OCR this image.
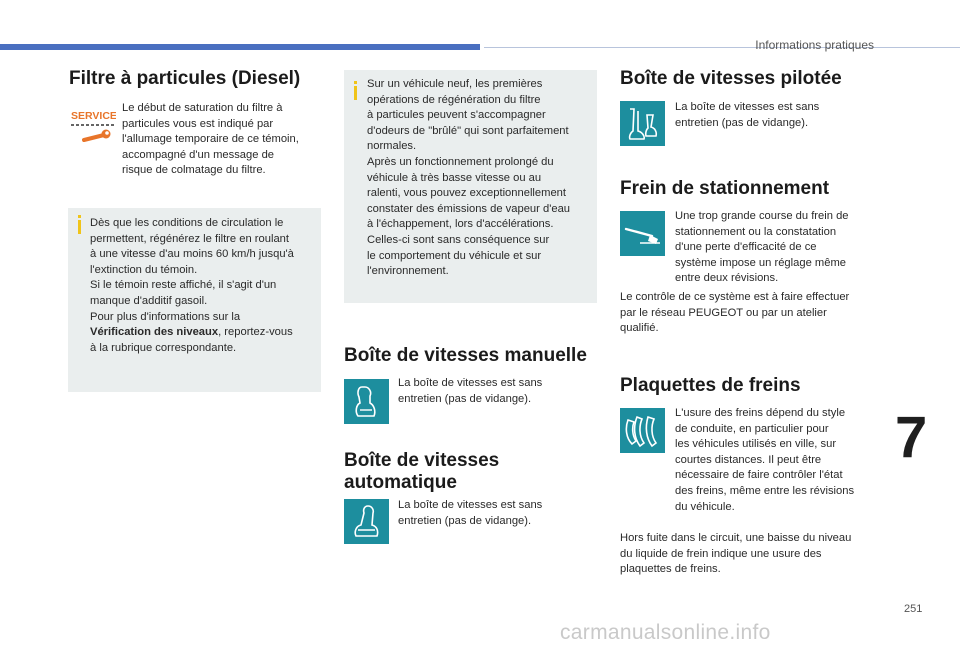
Informations pratiques
Filtre à particules (Diesel)
SERVICE
Le début de saturation du filtre à
particules vous est indiqué par
l'allumage temporaire de ce témoin,
accompagné d'un message de
risque de colmatage du filtre.
Dès que les conditions de circulation le
permettent, régénérez le filtre en roulant
à une vitesse d'au moins 60 km/h jusqu'à
l'extinction du témoin.
Si le témoin reste affiché, il s'agit d'un
manque d'additif gasoil.
Pour plus d'informations sur la
Vérification des niveaux, reportez-vous
à la rubrique correspondante.
Sur un véhicule neuf, les premières
opérations de régénération du filtre
à particules peuvent s'accompagner
d'odeurs de "brûlé" qui sont parfaitement
normales.
Après un fonctionnement prolongé du
véhicule à très basse vitesse ou au
ralenti, vous pouvez exceptionnellement
constater des émissions de vapeur d'eau
à l'échappement, lors d'accélérations.
Celles-ci sont sans conséquence sur
le comportement du véhicule et sur
l'environnement.
Boîte de vitesses manuelle
La boîte de vitesses est sans
entretien (pas de vidange).
Boîte de vitesses
automatique
La boîte de vitesses est sans
entretien (pas de vidange).
Boîte de vitesses pilotée
La boîte de vitesses est sans
entretien (pas de vidange).
Frein de stationnement
Une trop grande course du frein de
stationnement ou la constatation
d'une perte d'efficacité de ce
système impose un réglage même
entre deux révisions.
Le contrôle de ce système est à faire effectuer
par le réseau PEUGEOT ou par un atelier
qualifié.
Plaquettes de freins
L'usure des freins dépend du style
de conduite, en particulier pour
les véhicules utilisés en ville, sur
courtes distances. Il peut être
nécessaire de faire contrôler l'état
des freins, même entre les révisions
du véhicule.
Hors fuite dans le circuit, une baisse du niveau
du liquide de frein indique une usure des
plaquettes de freins.
7
251
carmanualsonline.info
